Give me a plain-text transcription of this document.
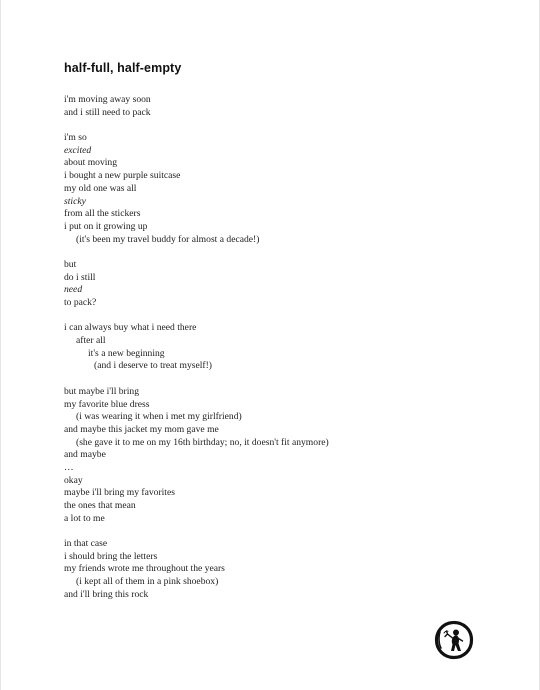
half-full, half-empty
i'm moving away soon
and i still need to pack
i'm so
excited
about moving
i bought a new purple suitcase
my old one was all
sticky
from all the stickers
i put on it growing up
(it's been my travel buddy for almost a decade!)
but
do i still
need
to pack?
i can always buy what i need there
after all
it's a new beginning
(and i deserve to treat myself!)
but maybe i'll bring
my favorite blue dress
(i was wearing it when i met my girlfriend)
and maybe this jacket my mom gave me
(she gave it to me on my 16th birthday; no, it doesn't fit anymore)
and maybe
…
okay
maybe i'll bring my favorites
the ones that mean
a lot to me
in that case
i should bring the letters
my friends wrote me throughout the years
(i kept all of them in a pink shoebox)
and i'll bring this rock
